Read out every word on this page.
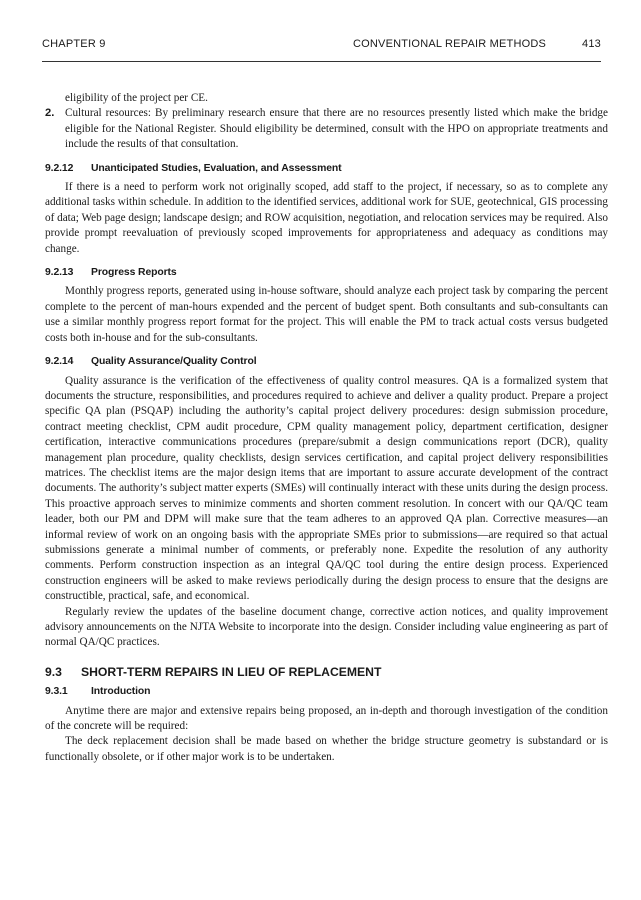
CHAPTER 9	CONVENTIONAL REPAIR METHODS	413

eligibility of the project per CE.

2. Cultural resources: By preliminary research ensure that there are no resources presently listed which make the bridge eligible for the National Register. Should eligibility be determined, consult with the HPO on appropriate treatments and include the results of that consultation.

9.2.12 Unanticipated Studies, Evaluation, and Assessment

If there is a need to perform work not originally scoped, add staff to the project, if necessary, so as to complete any additional tasks within schedule. In addition to the identified services, additional work for SUE, geotechnical, GIS processing of data; Web page design; landscape design; and ROW acquisition, negotiation, and relocation services may be required. Also provide prompt reevaluation of previously scoped improvements for appropriateness and adequacy as conditions may change.

9.2.13 Progress Reports

Monthly progress reports, generated using in-house software, should analyze each project task by comparing the percent complete to the percent of man-hours expended and the percent of budget spent. Both consultants and sub-consultants can use a similar monthly progress report format for the project. This will enable the PM to track actual costs versus budgeted costs both in-house and for the sub-consultants.

9.2.14 Quality Assurance/Quality Control

Quality assurance is the verification of the effectiveness of quality control measures. QA is a formalized system that documents the structure, responsibilities, and procedures required to achieve and deliver a quality product. Prepare a project specific QA plan (PSQAP) including the authority’s capital project delivery procedures: design submission procedure, contract meeting checklist, CPM audit procedure, CPM quality management policy, department certification, designer certification, interactive communications procedures (prepare/submit a design communications report (DCR), quality management plan procedure, quality checklists, design services certification, and capital project delivery responsibilities matrices. The checklist items are the major design items that are important to assure accurate development of the contract documents. The authority’s subject matter experts (SMEs) will continually interact with these units during the design process. This proactive approach serves to minimize comments and shorten comment resolution. In concert with our QA/QC team leader, both our PM and DPM will make sure that the team adheres to an approved QA plan. Corrective measures—an informal review of work on an ongoing basis with the appropriate SMEs prior to submissions—are required so that actual submissions generate a minimal number of comments, or preferably none. Expedite the resolution of any authority comments. Perform construction inspection as an integral QA/QC tool during the entire design process. Experienced construction engineers will be asked to make reviews periodically during the design process to ensure that the designs are constructible, practical, safe, and economical.

Regularly review the updates of the baseline document change, corrective action notices, and quality improvement advisory announcements on the NJTA Website to incorporate into the design. Consider including value engineering as part of normal QA/QC practices.

9.3 SHORT-TERM REPAIRS IN LIEU OF REPLACEMENT
9.3.1 Introduction

Anytime there are major and extensive repairs being proposed, an in-depth and thorough investigation of the condition of the concrete will be required:

The deck replacement decision shall be made based on whether the bridge structure geometry is substandard or is functionally obsolete, or if other major work is to be undertaken.
